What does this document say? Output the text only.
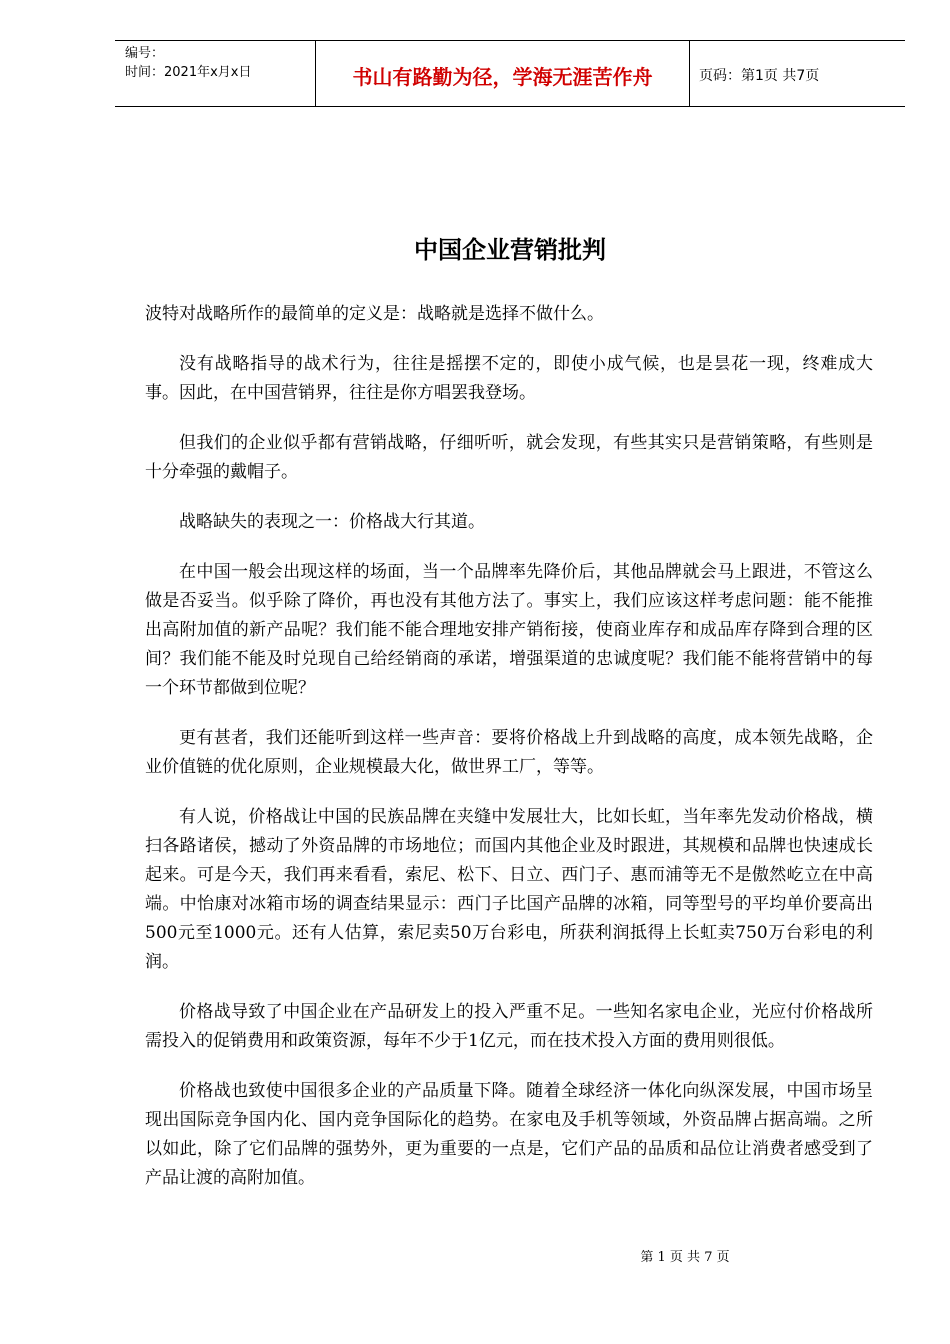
编号：
时间：2021年x月x日	书山有路勤为径，学海无涯苦作舟	页码：第1页 共7页
中国企业营销批判

波特对战略所作的最简单的定义是：战略就是选择不做什么。

没有战略指导的战术行为，往往是摇摆不定的，即使小成气候，也是昙花一现，终难成大事。因此，在中国营销界，往往是你方唱罢我登场。

但我们的企业似乎都有营销战略，仔细听听，就会发现，有些其实只是营销策略，有些则是十分牵强的戴帽子。

战略缺失的表现之一：价格战大行其道。

在中国一般会出现这样的场面，当一个品牌率先降价后，其他品牌就会马上跟进，不管这么做是否妥当。似乎除了降价，再也没有其他方法了。事实上，我们应该这样考虑问题：能不能推出高附加值的新产品呢？我们能不能合理地安排产销衔接，使商业库存和成品库存降到合理的区间？我们能不能及时兑现自己给经销商的承诺，增强渠道的忠诚度呢？我们能不能将营销中的每一个环节都做到位呢？

更有甚者，我们还能听到这样一些声音：要将价格战上升到战略的高度，成本领先战略，企业价值链的优化原则，企业规模最大化，做世界工厂，等等。

有人说，价格战让中国的民族品牌在夹缝中发展壮大，比如长虹，当年率先发动价格战，横扫各路诸侯，撼动了外资品牌的市场地位；而国内其他企业及时跟进，其规模和品牌也快速成长起来。可是今天，我们再来看看，索尼、松下、日立、西门子、惠而浦等无不是傲然屹立在中高端。中怡康对冰箱市场的调查结果显示：西门子比国产品牌的冰箱，同等型号的平均单价要高出500元至1000元。还有人估算，索尼卖50万台彩电，所获利润抵得上长虹卖750万台彩电的利润。

价格战导致了中国企业在产品研发上的投入严重不足。一些知名家电企业，光应付价格战所需投入的促销费用和政策资源，每年不少于1亿元，而在技术投入方面的费用则很低。

价格战也致使中国很多企业的产品质量下降。随着全球经济一体化向纵深发展，中国市场呈现出国际竞争国内化、国内竞争国际化的趋势。在家电及手机等领域，外资品牌占据高端。之所以如此，除了它们品牌的强势外，更为重要的一点是，它们产品的品质和品位让消费者感受到了产品让渡的高附加值。

第 1 页 共 7 页
